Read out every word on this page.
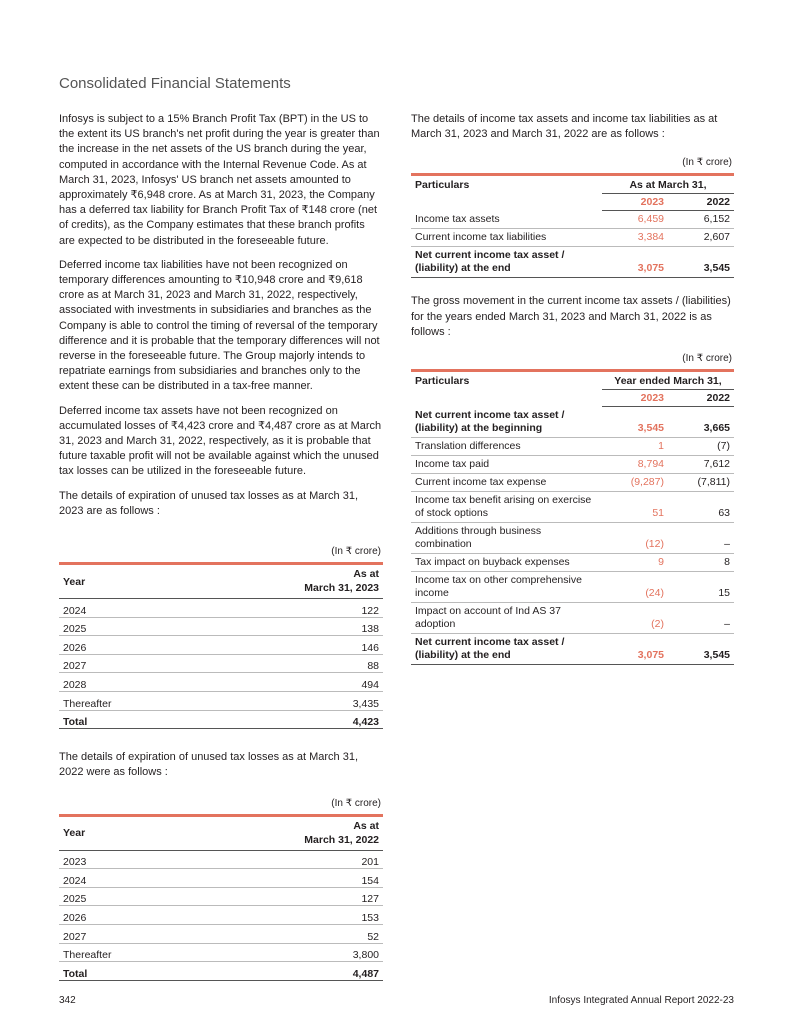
Consolidated Financial Statements

Infosys is subject to a 15% Branch Profit Tax (BPT) in the US to the extent its US branch's net profit during the year is greater than the increase in the net assets of the US branch during the year, computed in accordance with the Internal Revenue Code. As at March 31, 2023, Infosys' US branch net assets amounted to approximately ₹6,948 crore. As at March 31, 2023, the Company has a deferred tax liability for Branch Profit Tax of ₹148 crore (net of credits), as the Company estimates that these branch profits are expected to be distributed in the foreseeable future.

Deferred income tax liabilities have not been recognized on temporary differences amounting to ₹10,948 crore and ₹9,618 crore as at March 31, 2023 and March 31, 2022, respectively, associated with investments in subsidiaries and branches as the Company is able to control the timing of reversal of the temporary difference and it is probable that the temporary differences will not reverse in the foreseeable future. The Group majorly intends to repatriate earnings from subsidiaries and branches only to the extent these can be distributed in a tax-free manner.

Deferred income tax assets have not been recognized on accumulated losses of ₹4,423 crore and ₹4,487 crore as at March 31, 2023 and March 31, 2022, respectively, as it is probable that future taxable profit will not be available against which the unused tax losses can be utilized in the foreseeable future.

The details of expiration of unused tax losses as at March 31, 2023 are as follows :

(In ₹ crore)
Year	As at
March 31, 2023
2024	122
2025	138
2026	146
2027	88
2028	494
Thereafter	3,435
Total	4,423

The details of expiration of unused tax losses as at March 31, 2022 were as follows :

(In ₹ crore)
Year	As at
March 31, 2022
2023	201
2024	154
2025	127
2026	153
2027	52
Thereafter	3,800
Total	4,487

The details of income tax assets and income tax liabilities as at March 31, 2023 and March 31, 2022 are as follows :

(In ₹ crore)
Particulars	As at March 31,	
	2023	2022
Income tax assets	6,459	6,152
Current income tax liabilities	3,384	2,607
Net current income tax asset / (liability) at the end	3,075	3,545

The gross movement in the current income tax assets / (liabilities) for the years ended March 31, 2023 and March 31, 2022 is as follows :

(In ₹ crore)
Particulars	Year ended March 31,	
	2023	2022
Net current income tax asset / (liability) at the beginning	3,545	3,665
Translation differences	1	(7)
Income tax paid	8,794	7,612
Current income tax expense	(9,287)	(7,811)
Income tax benefit arising on exercise of stock options	51	63
Additions through business combination	(12)	–
Tax impact on buyback expenses	9	8
Income tax on other comprehensive income	(24)	15
Impact on account of Ind AS 37 adoption	(2)	–
Net current income tax asset / (liability) at the end	3,075	3,545
342	Infosys Integrated Annual Report 2022-23
